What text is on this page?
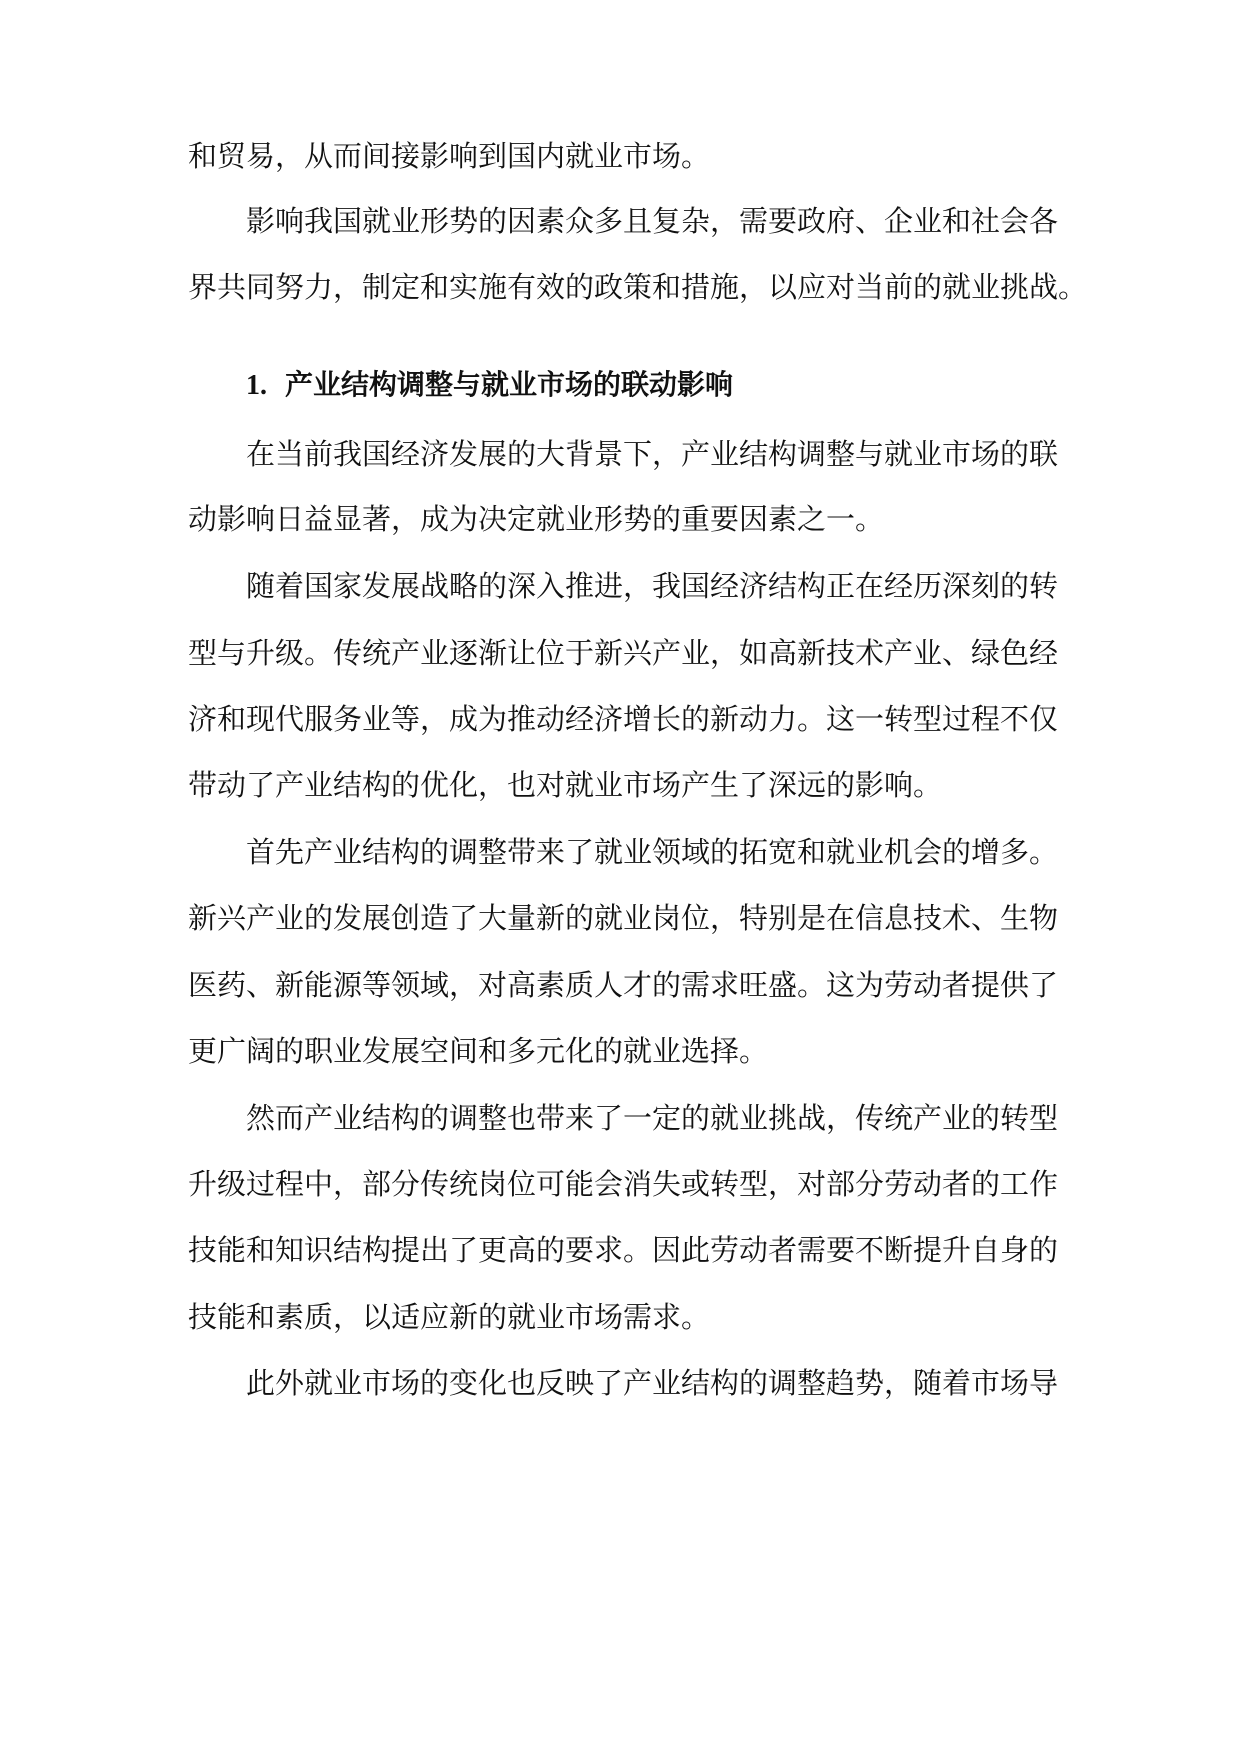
和贸易，从而间接影响到国内就业市场。
影响我国就业形势的因素众多且复杂，需要政府、企业和社会各
界共同努力，制定和实施有效的政策和措施，以应对当前的就业挑战。
1. 产业结构调整与就业市场的联动影响
在当前我国经济发展的大背景下，产业结构调整与就业市场的联
动影响日益显著，成为决定就业形势的重要因素之一。
随着国家发展战略的深入推进，我国经济结构正在经历深刻的转
型与升级。传统产业逐渐让位于新兴产业，如高新技术产业、绿色经
济和现代服务业等，成为推动经济增长的新动力。这一转型过程不仅
带动了产业结构的优化，也对就业市场产生了深远的影响。
首先产业结构的调整带来了就业领域的拓宽和就业机会的增多。
新兴产业的发展创造了大量新的就业岗位，特别是在信息技术、生物
医药、新能源等领域，对高素质人才的需求旺盛。这为劳动者提供了
更广阔的职业发展空间和多元化的就业选择。
然而产业结构的调整也带来了一定的就业挑战，传统产业的转型
升级过程中，部分传统岗位可能会消失或转型，对部分劳动者的工作
技能和知识结构提出了更高的要求。因此劳动者需要不断提升自身的
技能和素质，以适应新的就业市场需求。
此外就业市场的变化也反映了产业结构的调整趋势，随着市场导
